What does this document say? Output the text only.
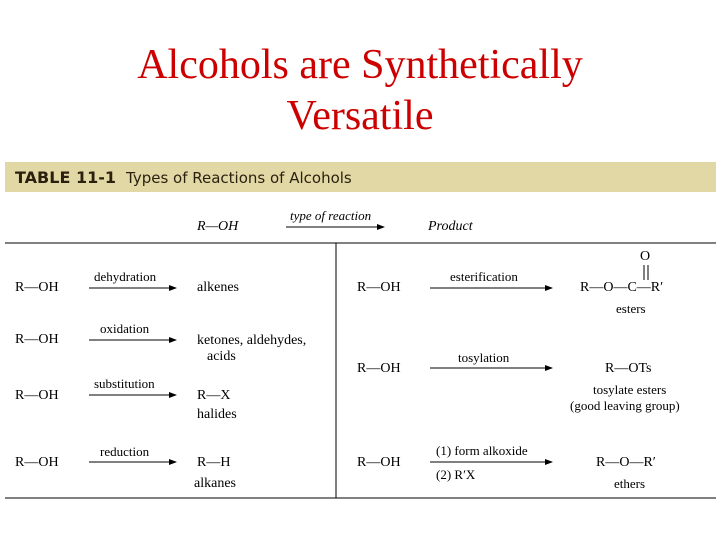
Alcohols are Synthetically
Versatile
TABLE 11-1 Types of Reactions of Alcohols
R—OH
type of reaction
Product
R—OH
dehydration
alkenes
R—OH
oxidation
ketones, aldehydes,
acids
R—OH
substitution
R—X
halides
R—OH
reduction
R—H
alkanes
R—OH
esterification
O
R—O—C—R′
esters
R—OH
tosylation
R—OTs
tosylate esters
(good leaving group)
R—OH
(1) form alkoxide
(2) R′X
R—O—R′
ethers
